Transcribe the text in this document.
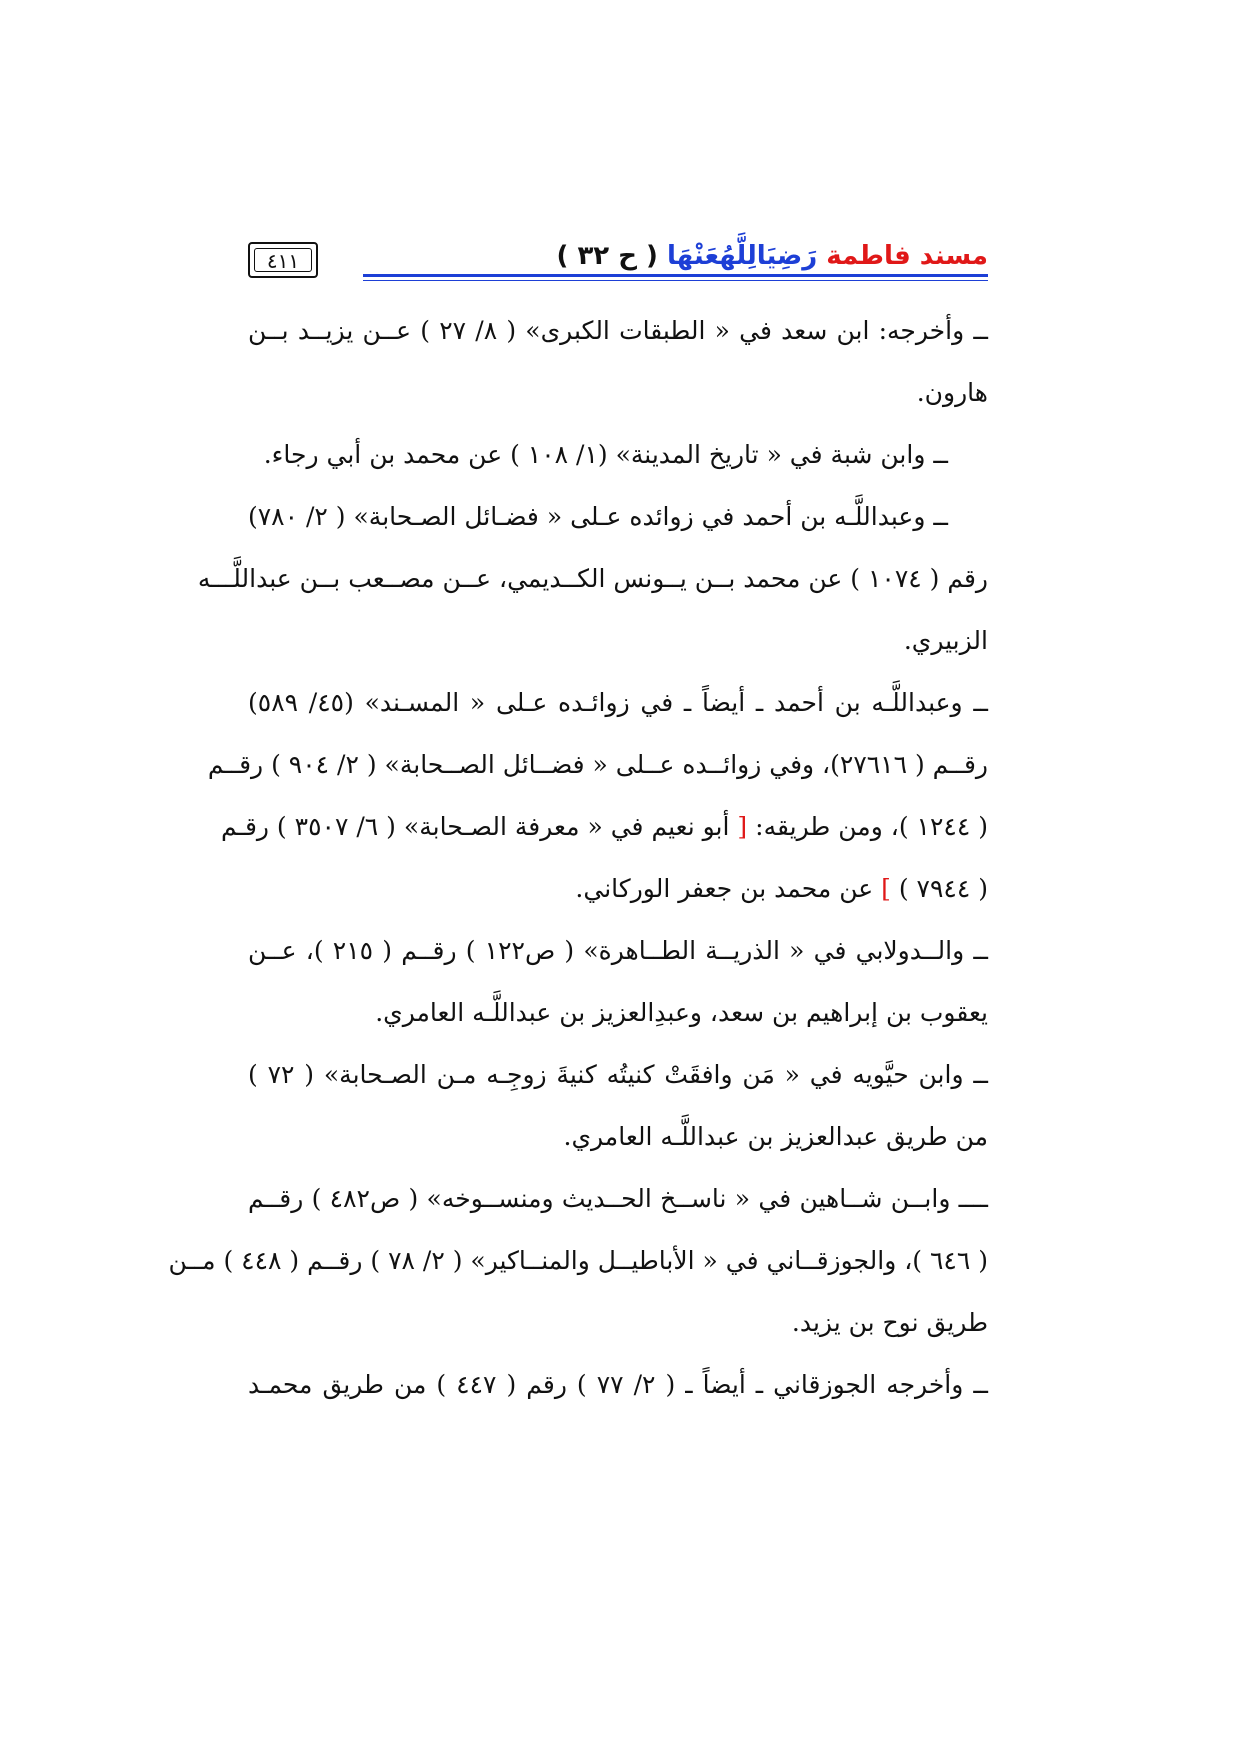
مسند فاطمة رَضِيَالِلَّهُعَنْهَا ( ح ٣٢ )
٤١١
ــ وأخرجه: ابن سعد في « الطبقات الكبرى» ( ٨/ ٢٧ ) عــن يزيــد بــن
هارون.
ــ وابن شبة في « تاريخ المدينة» (١/ ١٠٨ ) عن محمد بن أبي رجاء.
ــ وعبداللَّـه بن أحمد في زوائده عـلى « فضـائل الصـحابة» ( ٢/ ٧٨٠)
رقم ( ١٠٧٤ ) عن محمد بــن يــونس الكــديمي، عــن مصــعب بــن عبداللَّـــه
الزبيري.
ــ وعبداللَّـه بن أحمد ـ أيضاً ـ في زوائـده عـلى « المسـند» (٤٥/ ٥٨٩)
رقــم ( ٢٧٦١٦)، وفي زوائــده عــلى « فضــائل الصــحابة» ( ٢/ ٩٠٤ ) رقــم
( ١٢٤٤ )، ومن طريقه: [ أبو نعيم في « معرفة الصـحابة» ( ٦/ ٣٥٠٧ ) رقـم
( ٧٩٤٤ ) ] عن محمد بن جعفر الوركاني.
ــ والــدولابي في « الذريــة الطــاهرة» ( ص١٢٢ ) رقــم ( ٢١٥ )، عــن
يعقوب بن إبراهيم بن سعد، وعبدِالعزيز بن عبداللَّـه العامري.
ــ وابن حيَّويه في « مَن وافقَتْ كنيتُه كنيةَ زوجِـه مـن الصـحابة» ( ٧٢ )
من طريق عبدالعزيز بن عبداللَّـه العامري.
ــــ وابــن شــاهين في « ناســخ الحــديث ومنســوخه» ( ص٤٨٢ ) رقــم
( ٦٤٦ )، والجوزقــاني في « الأباطيــل والمنــاكير» ( ٢/ ٧٨ ) رقــم ( ٤٤٨ ) مــن
طريق نوح بن يزيد.
ــ وأخرجه الجوزقاني ـ أيضاً ـ ( ٢/ ٧٧ ) رقم ( ٤٤٧ ) من طريق محمـد
